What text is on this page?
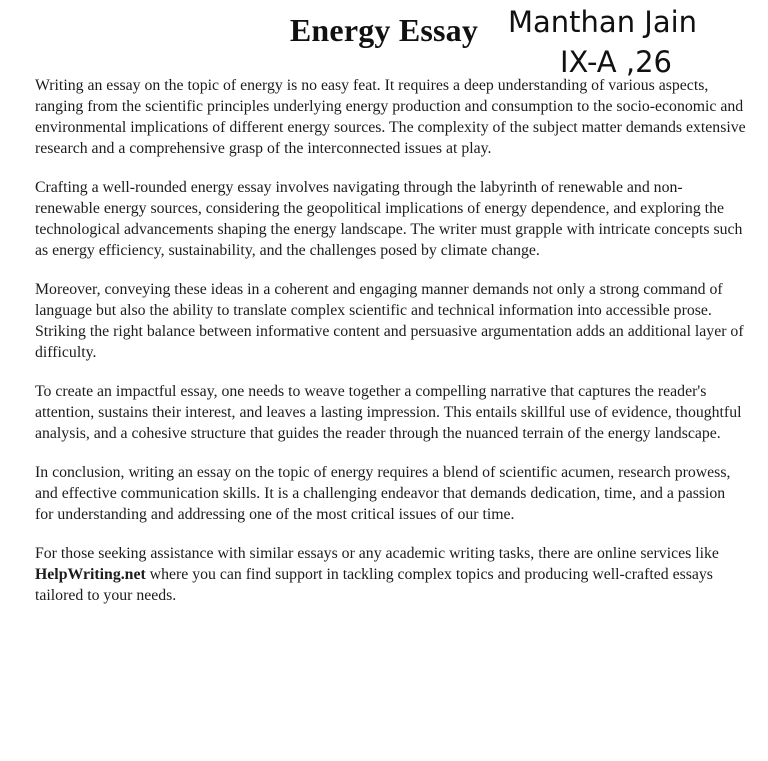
Energy Essay	Manthan Jain
IX-A ,26

Writing an essay on the topic of energy is no easy feat. It requires a deep understanding of various aspects, ranging from the scientific principles underlying energy production and consumption to the socio-economic and environmental implications of different energy sources. The complexity of the subject matter demands extensive research and a comprehensive grasp of the interconnected issues at play.

Crafting a well-rounded energy essay involves navigating through the labyrinth of renewable and non-renewable energy sources, considering the geopolitical implications of energy dependence, and exploring the technological advancements shaping the energy landscape. The writer must grapple with intricate concepts such as energy efficiency, sustainability, and the challenges posed by climate change.

Moreover, conveying these ideas in a coherent and engaging manner demands not only a strong command of language but also the ability to translate complex scientific and technical information into accessible prose. Striking the right balance between informative content and persuasive argumentation adds an additional layer of difficulty.

To create an impactful essay, one needs to weave together a compelling narrative that captures the reader's attention, sustains their interest, and leaves a lasting impression. This entails skillful use of evidence, thoughtful analysis, and a cohesive structure that guides the reader through the nuanced terrain of the energy landscape.

In conclusion, writing an essay on the topic of energy requires a blend of scientific acumen, research prowess, and effective communication skills. It is a challenging endeavor that demands dedication, time, and a passion for understanding and addressing one of the most critical issues of our time.

For those seeking assistance with similar essays or any academic writing tasks, there are online services like HelpWriting.net where you can find support in tackling complex topics and producing well-crafted essays tailored to your needs.
